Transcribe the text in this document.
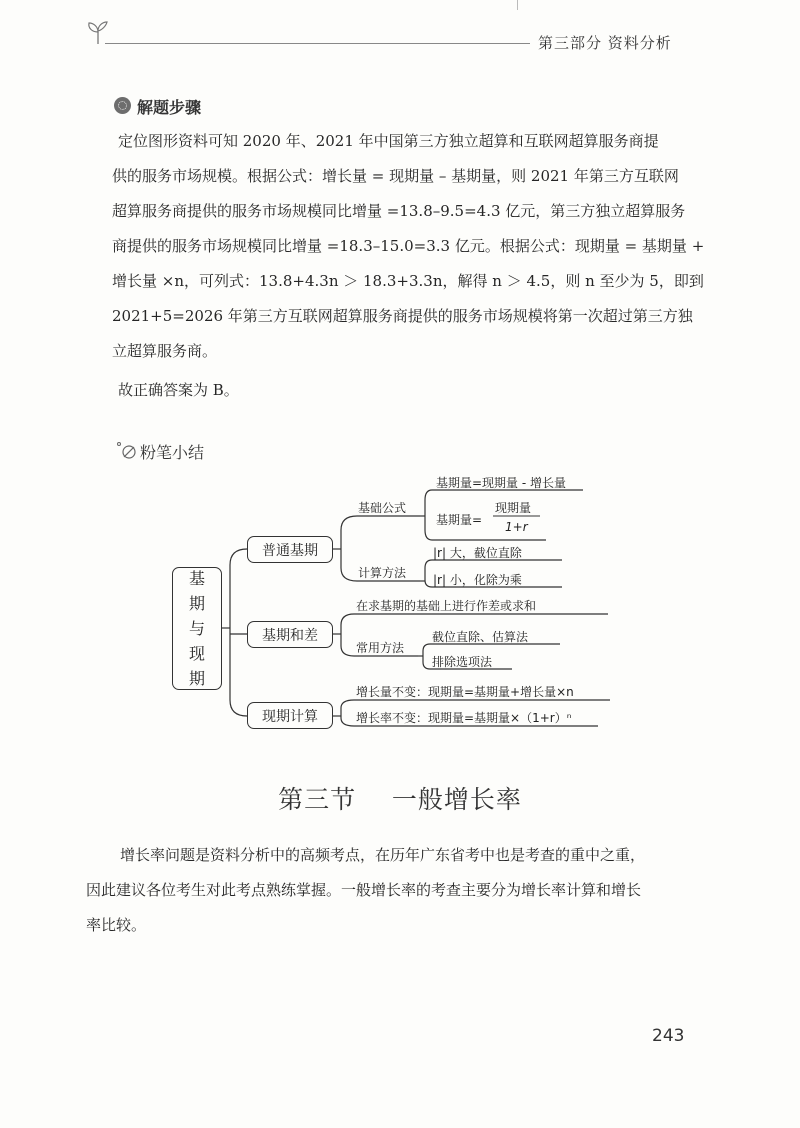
第三部分 资料分析
解题步骤

定位图形资料可知 2020 年、2021 年中国第三方独立超算和互联网超算服务商提

供的服务市场规模。根据公式：增长量 = 现期量 – 基期量，则 2021 年第三方互联网

超算服务商提供的服务市场规模同比增量 =13.8–9.5=4.3 亿元，第三方独立超算服务

商提供的服务市场规模同比增量 =18.3–15.0=3.3 亿元。根据公式：现期量 = 基期量 +

增长量 ×n，可列式：13.8+4.3n ＞ 18.3+3.3n，解得 n ＞ 4.5，则 n 至少为 5，即到

2021+5=2026 年第三方互联网超算服务商提供的服务市场规模将第一次超过第三方独

立超算服务商。

故正确答案为 B。
粉笔小结
基
期
与
现
期
普通基期
基期和差
现期计算
基础公式
基期量=现期量 - 增长量
基期量=
现期量
1+r
计算方法
|r| 大，截位直除
|r| 小，化除为乘
在求基期的基础上进行作差或求和
常用方法
截位直除、估算法
排除选项法
增长量不变：现期量=基期量+增长量×n
增长率不变：现期量=基期量×（1+r）ⁿ
第三节    一般增长率

增长率问题是资料分析中的高频考点，在历年广东省考中也是考查的重中之重，

因此建议各位考生对此考点熟练掌握。一般增长率的考查主要分为增长率计算和增长

率比较。

243
